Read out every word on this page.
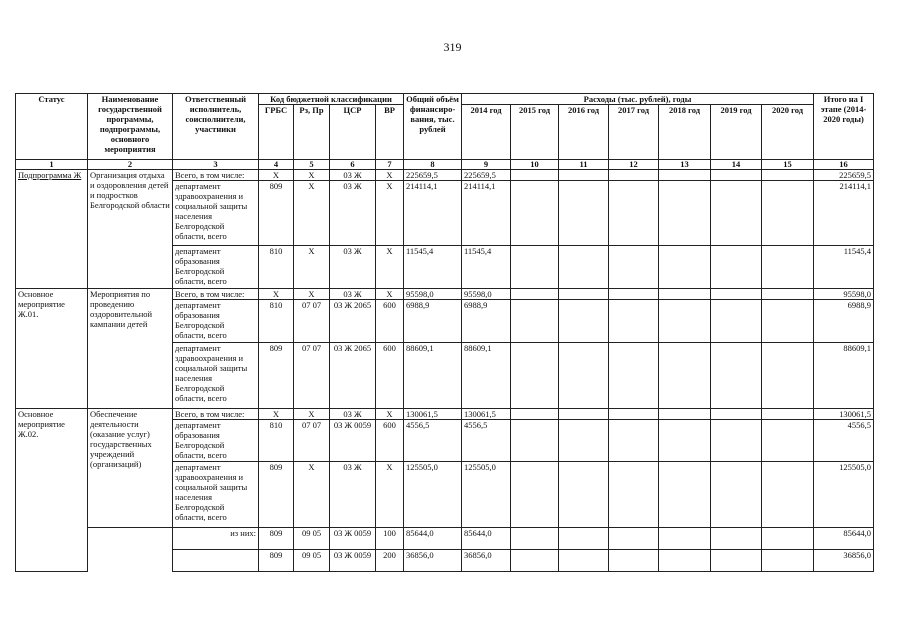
319
Статус	Наименование государственной программы, подпрограммы, основного мероприятия	Ответственный исполнитель, соисполнители, участники	Код бюджетной классификации				Общий объём финансиро-вания, тыс. рублей	Расходы (тыс. рублей), годы							Итого на I этапе (2014-2020 годы)
			ГРБС	Рз, Пр	ЦСР	ВР		2014 год	2015 год	2016 год	2017 год	2018 год	2019 год	2020 год	
1	2	3	4	5	6	7	8	9	10	11	12	13	14	15	16
Подпрограмма Ж	Организация отдыха и оздоровления детей и подростков Белгородской области	Всего, в том числе:	X	X	03 Ж	X	225659,5	225659,5							225659,5
		департамент здравоохранения и социальной защиты населения Белгородской области, всего	809	X	03 Ж	X	214114,1	214114,1							214114,1
		департамент образования Белгородской области, всего	810	X	03 Ж	X	11545,4	11545,4							11545,4
Основное мероприятие Ж.01.	Мероприятия по проведению оздоровительной кампании детей	Всего, в том числе:	X	X	03 Ж	X	95598,0	95598,0							95598,0
		департамент образования Белгородской области, всего	810	07 07	03 Ж 2065	600	6988,9	6988,9							6988,9
		департамент здравоохранения и социальной защиты населения Белгородской области, всего	809	07 07	03 Ж 2065	600	88609,1	88609,1							88609,1
Основное мероприятие Ж.02.	Обеспечение деятельности (оказание услуг) государственных учреждений (организаций)	Всего, в том числе:	X	X	03 Ж	X	130061,5	130061,5							130061,5
		департамент образования Белгородской области, всего	810	07 07	03 Ж 0059	600	4556,5	4556,5							4556,5
		департамент здравоохранения и социальной защиты населения Белгородской области, всего	809	X	03 Ж	X	125505,0	125505,0							125505,0
		из них:	809	09 05	03 Ж 0059	100	85644,0	85644,0							85644,0
			809	09 05	03 Ж 0059	200	36856,0	36856,0							36856,0
